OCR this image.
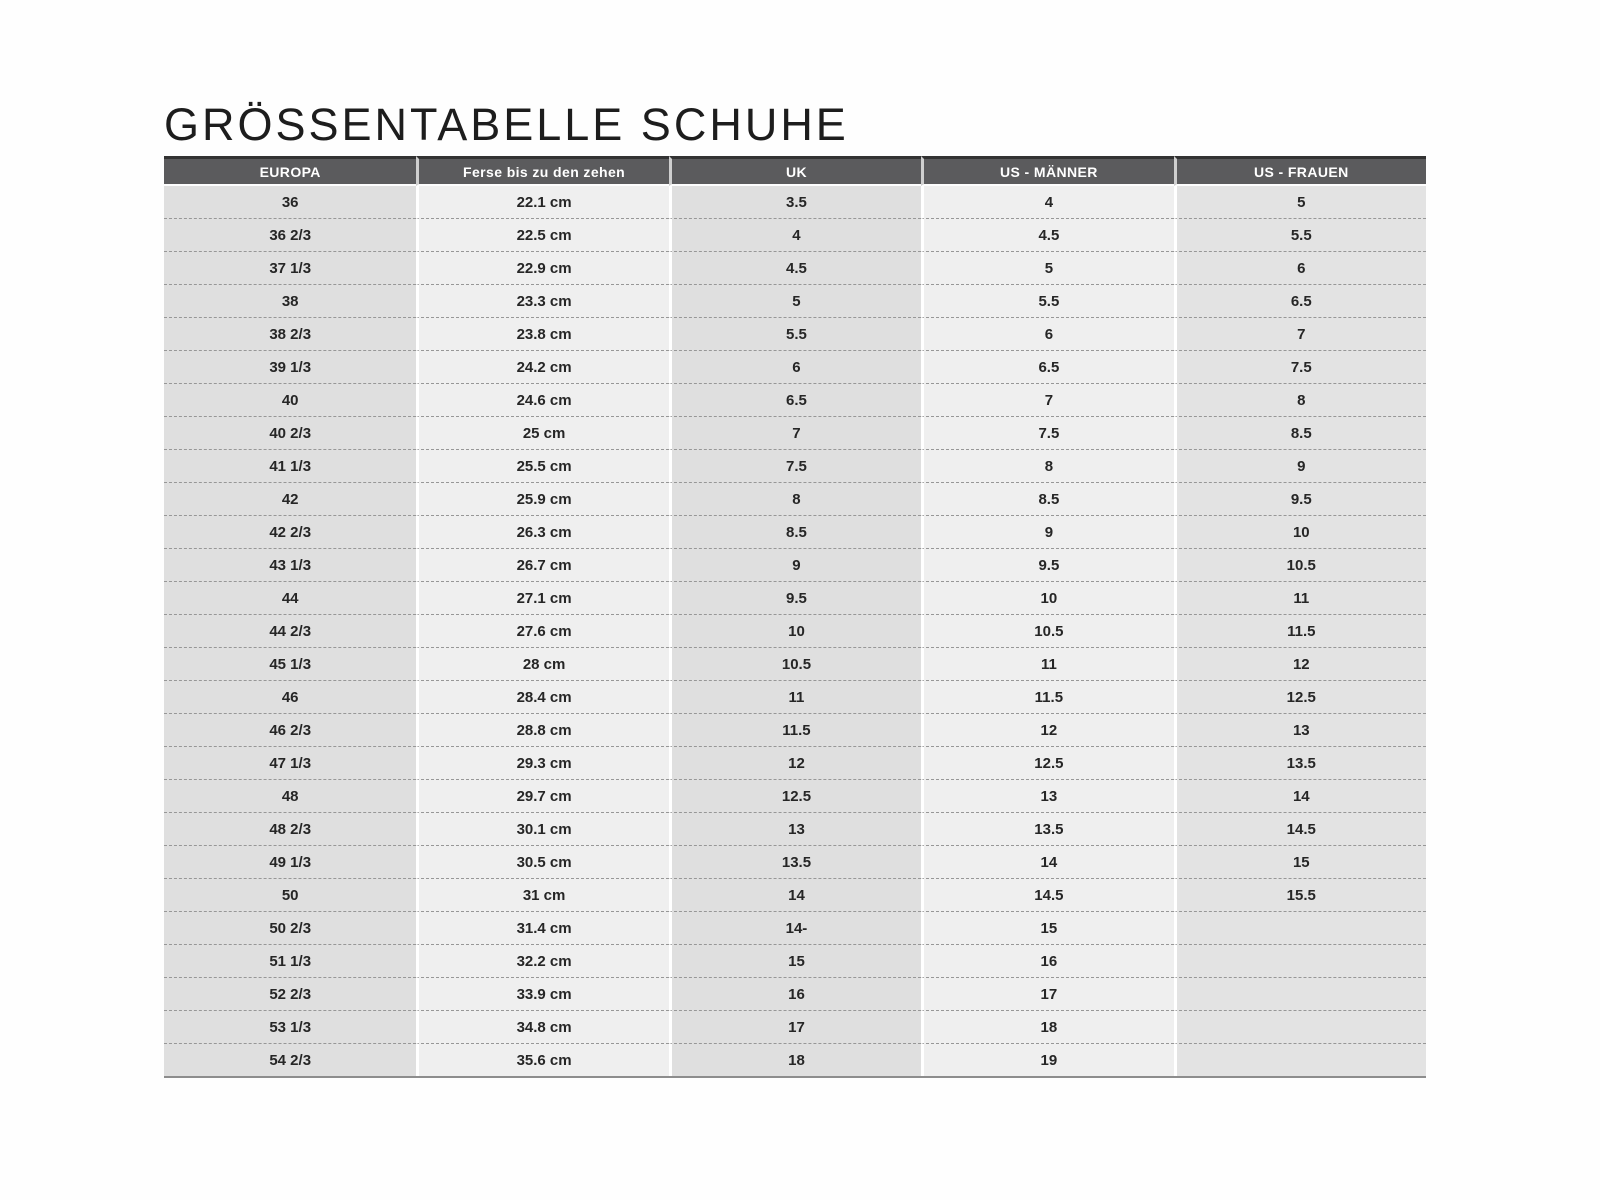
GRÖSSENTABELLE SCHUHE
EUROPA	Ferse bis zu den zehen	UK	US - MÄNNER	US - FRAUEN
36	22.1 cm	3.5	4	5
36 2/3	22.5 cm	4	4.5	5.5
37 1/3	22.9 cm	4.5	5	6
38	23.3 cm	5	5.5	6.5
38 2/3	23.8 cm	5.5	6	7
39 1/3	24.2 cm	6	6.5	7.5
40	24.6 cm	6.5	7	8
40 2/3	25 cm	7	7.5	8.5
41 1/3	25.5 cm	7.5	8	9
42	25.9 cm	8	8.5	9.5
42 2/3	26.3 cm	8.5	9	10
43 1/3	26.7 cm	9	9.5	10.5
44	27.1 cm	9.5	10	11
44 2/3	27.6 cm	10	10.5	11.5
45 1/3	28 cm	10.5	11	12
46	28.4 cm	11	11.5	12.5
46 2/3	28.8 cm	11.5	12	13
47 1/3	29.3 cm	12	12.5	13.5
48	29.7 cm	12.5	13	14
48 2/3	30.1 cm	13	13.5	14.5
49 1/3	30.5 cm	13.5	14	15
50	31 cm	14	14.5	15.5
50 2/3	31.4 cm	14-	15	
51 1/3	32.2 cm	15	16	
52 2/3	33.9 cm	16	17	
53 1/3	34.8 cm	17	18	
54 2/3	35.6 cm	18	19	
